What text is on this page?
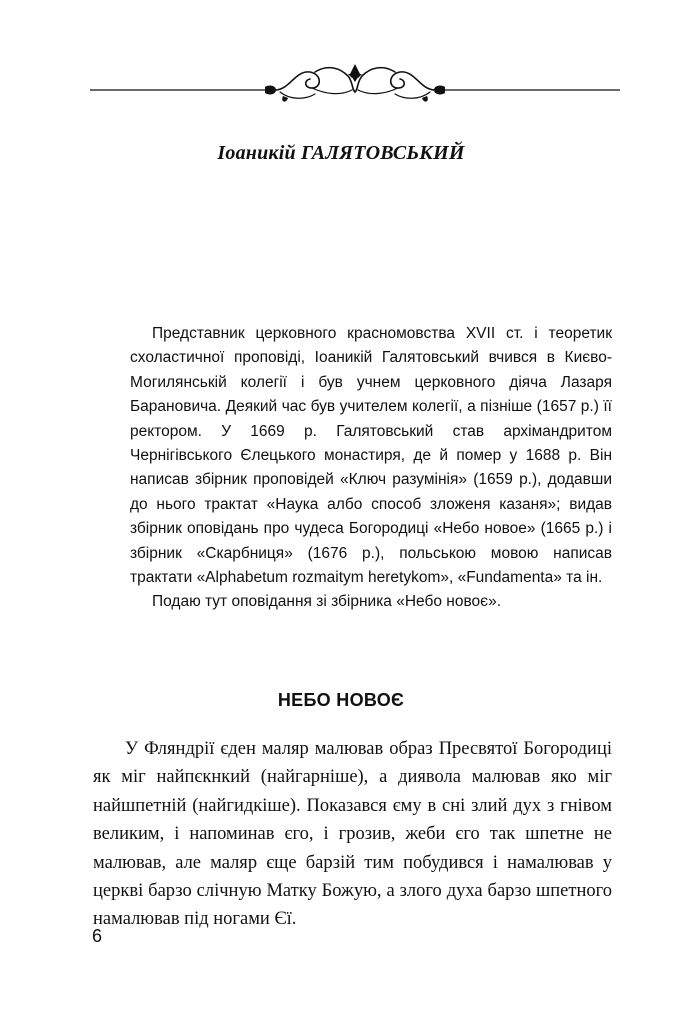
Іоаникій ГАЛЯТОВСЬКИЙ

Представник церковного красномовства XVII ст. і теоретик схоластичної проповіді, Іоаникій Галятовський вчився в Києво-Могилянській колегії і був учнем церковного діяча Лазаря Барановича. Деякий час був учителем колегії, а пізніше (1657 р.) її ректором. У 1669 р. Галятовський став архімандритом Чернігівського Єлецького монастиря, де й помер у 1688 р. Він написав збірник проповідей «Ключ разумінія» (1659 р.), додавши до нього трактат «Наука албо способ зложеня казаня»; видав збірник оповідань про чудеса Богородиці «Небо новое» (1665 р.) і збірник «Скарбниця» (1676 р.), польською мовою написав трактати «Alphabetum rozmaitym heretykom», «Fundamenta» та ін.

Подаю тут оповідання зі збірника «Небо новоє».

НЕБО НОВОЄ

У Фляндрії єден маляр малював образ Пресвятої Богородиці як міг найпєкнкий (найгарніше), а диявола малював яко міг найшпетній (найгидкіше). Показався єму в сні злий дух з гнівом великим, і напоминав єго, і грозив, жеби єго так шпетне не малював, але маляр єще барзій тим побудився і намалював у церкві барзо слічную Матку Божую, а злого духа барзо шпетного намалював під ногами Єї.

6
